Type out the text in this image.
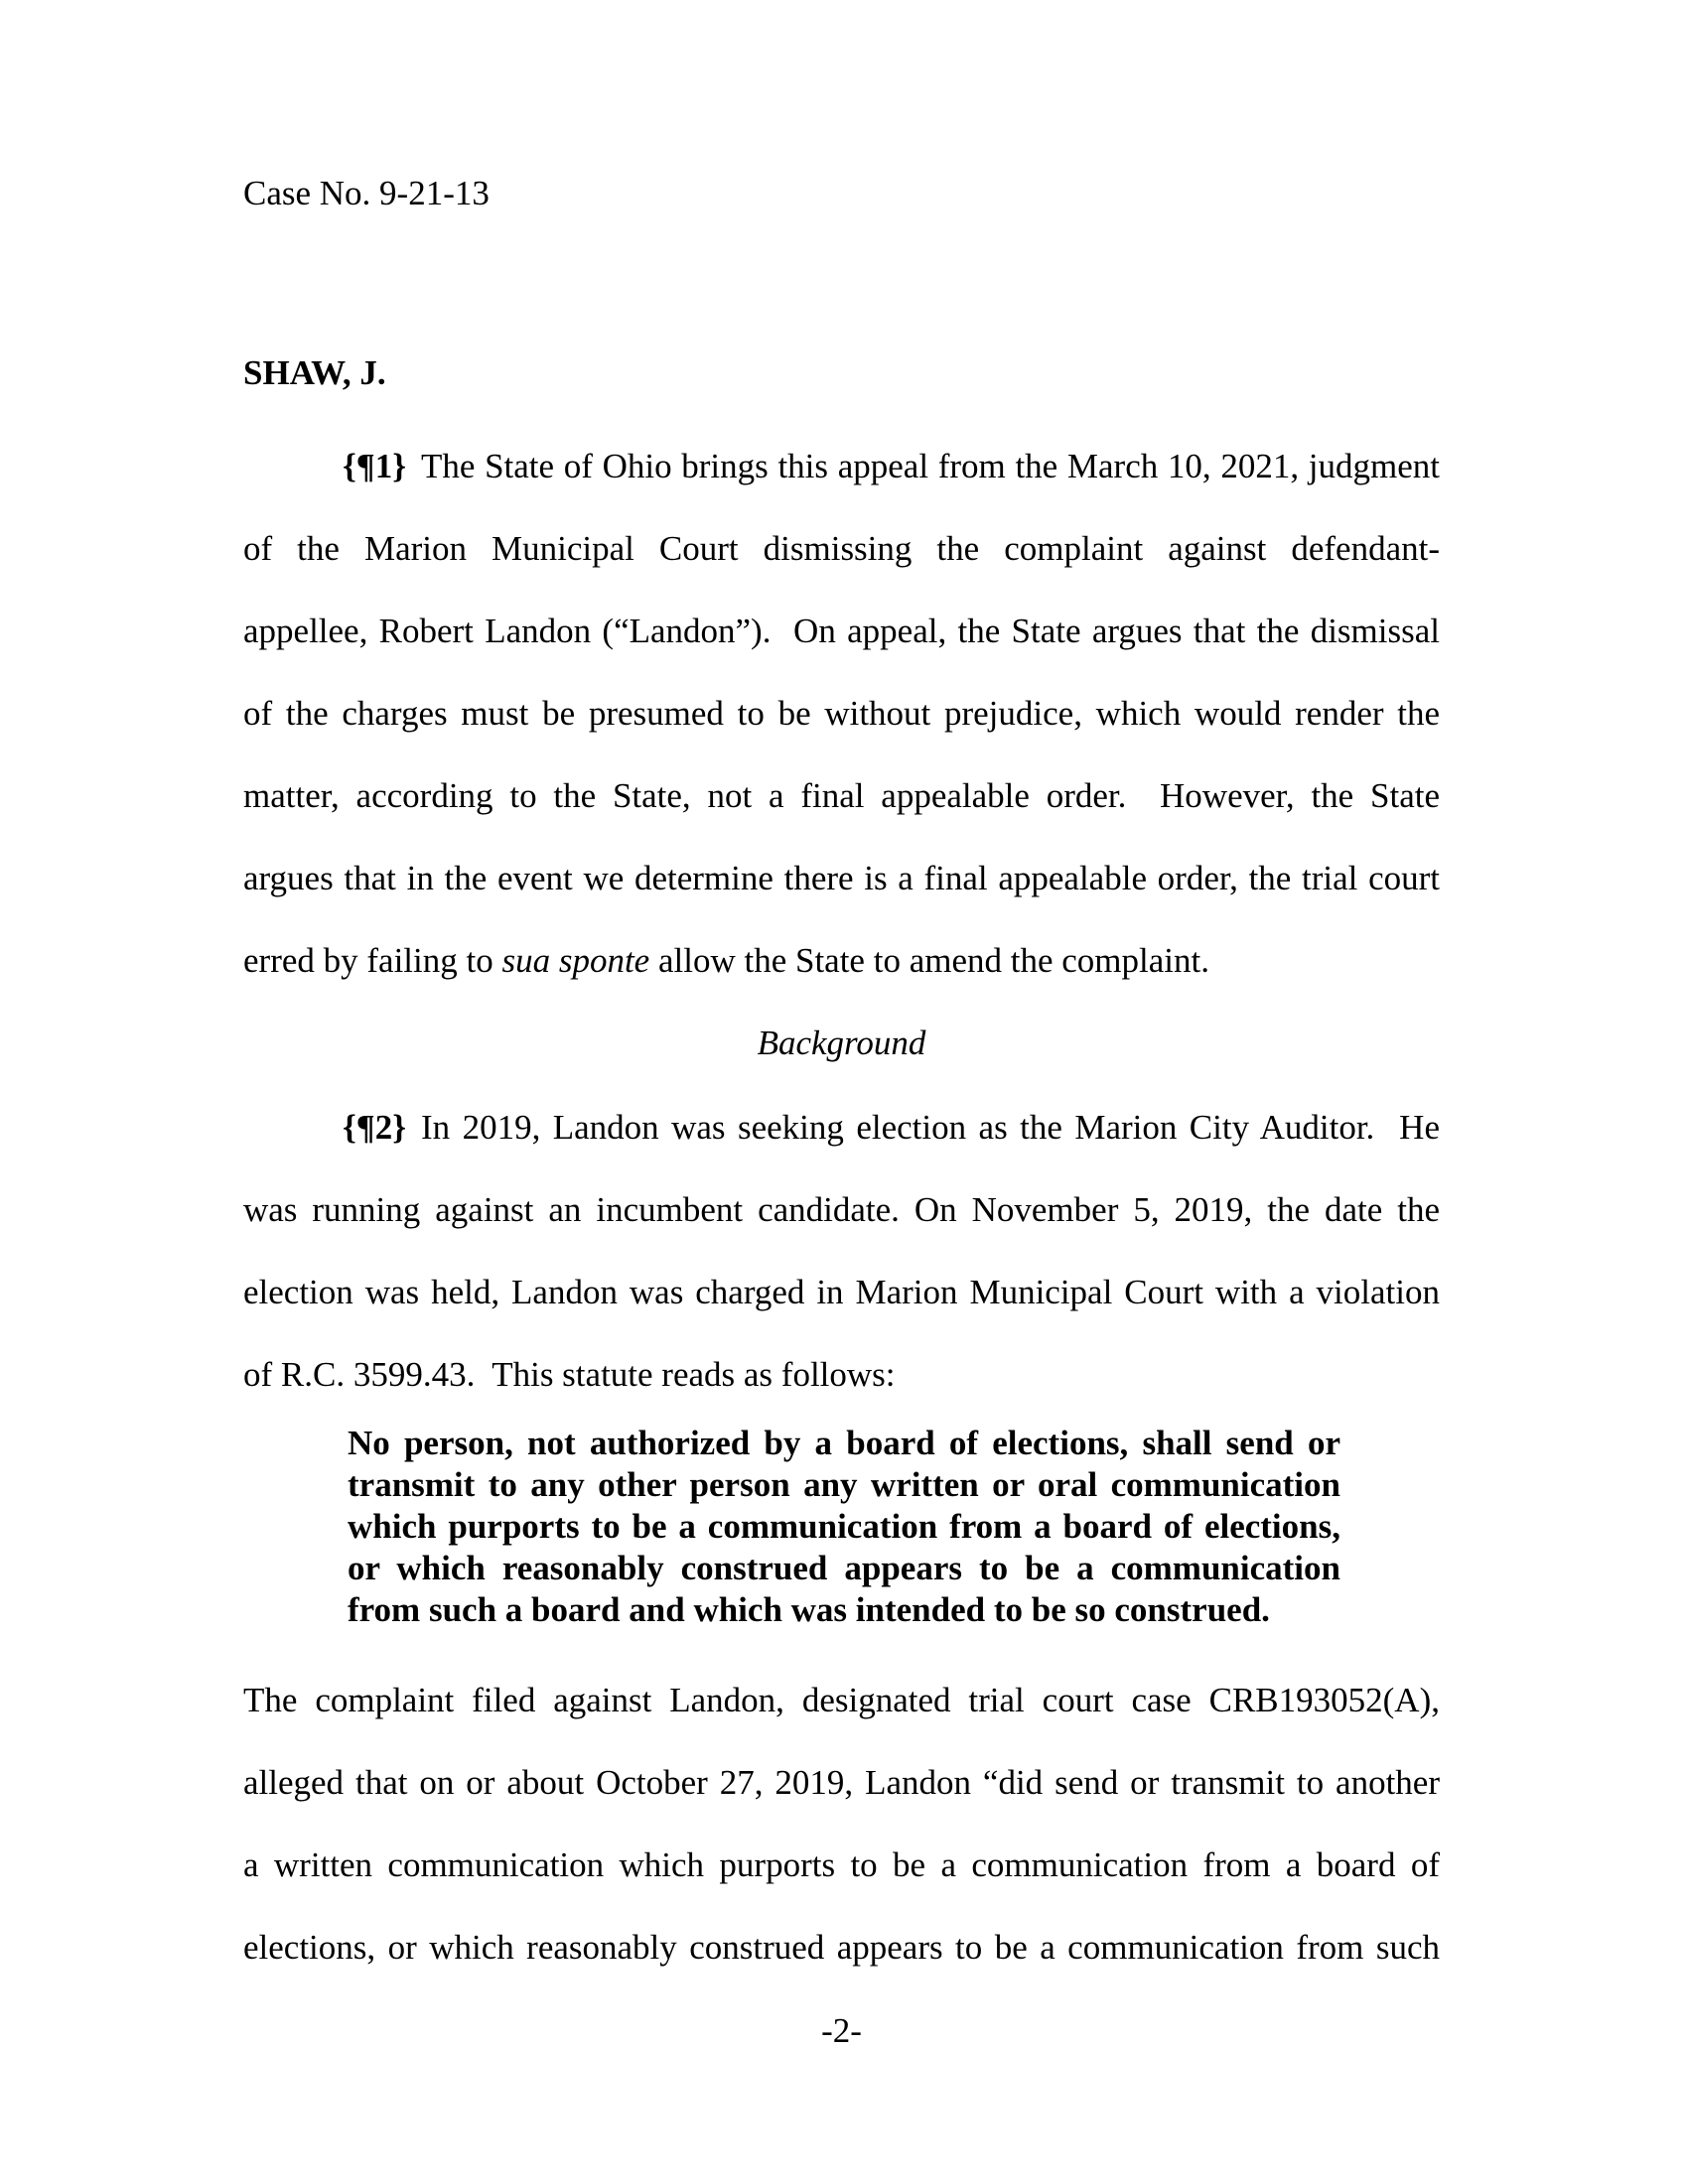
Case No. 9-21-13
SHAW, J.
{¶1} The State of Ohio brings this appeal from the March 10, 2021, judgment
of the Marion Municipal Court dismissing the complaint against defendant-
appellee, Robert Landon (“Landon”).  On appeal, the State argues that the dismissal
of the charges must be presumed to be without prejudice, which would render the
matter, according to the State, not a final appealable order.  However, the State
argues that in the event we determine there is a final appealable order, the trial court
erred by failing to sua sponte allow the State to amend the complaint.
Background
{¶2} In 2019, Landon was seeking election as the Marion City Auditor.  He
was running against an incumbent candidate. On November 5, 2019, the date the
election was held, Landon was charged in Marion Municipal Court with a violation
of R.C. 3599.43.  This statute reads as follows:
No person, not authorized by a board of elections, shall send or
transmit to any other person any written or oral communication
which purports to be a communication from a board of elections,
or which reasonably construed appears to be a communication
from such a board and which was intended to be so construed.
The complaint filed against Landon, designated trial court case CRB193052(A),
alleged that on or about October 27, 2019, Landon “did send or transmit to another
a written communication which purports to be a communication from a board of
elections, or which reasonably construed appears to be a communication from such
-2-
